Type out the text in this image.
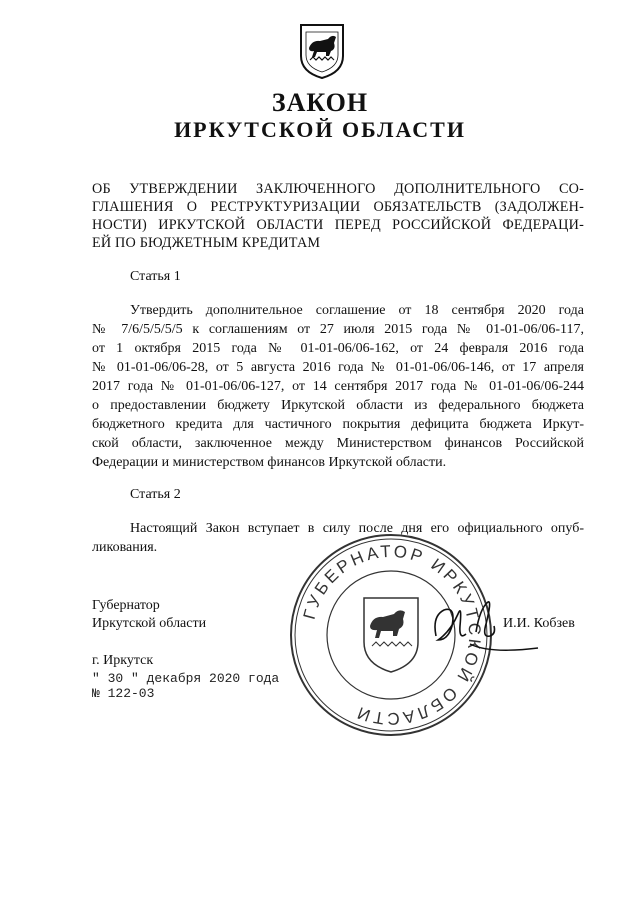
ЗАКОН
ИРКУТСКОЙ ОБЛАСТИ
ОБ УТВЕРЖДЕНИИ ЗАКЛЮЧЕННОГО ДОПОЛНИТЕЛЬНОГО СО-
ГЛАШЕНИЯ О РЕСТРУКТУРИЗАЦИИ ОБЯЗАТЕЛЬСТВ (ЗАДОЛЖЕН-
НОСТИ) ИРКУТСКОЙ ОБЛАСТИ ПЕРЕД РОССИЙСКОЙ ФЕДЕРАЦИ-
ЕЙ ПО БЮДЖЕТНЫМ КРЕДИТАМ
Статья 1
Утвердить дополнительное соглашение от 18 сентября 2020 года
№ 7/6/5/5/5/5 к соглашениям от 27 июля 2015 года № 01-01-06/06-117,
от 1 октября 2015 года № 01-01-06/06-162, от 24 февраля 2016 года
№ 01-01-06/06-28, от 5 августа 2016 года № 01-01-06/06-146, от 17 апреля
2017 года № 01-01-06/06-127, от 14 сентября 2017 года № 01-01-06/06-244
о предоставлении бюджету Иркутской области из федерального бюджета
бюджетного кредита для частичного покрытия дефицита бюджета Иркут-
ской области, заключенное между Министерством финансов Российской
Федерации и министерством финансов Иркутской области.
Статья 2
Настоящий Закон вступает в силу после дня его официального опуб-
ликования.
ГУБЕРНАТОР ИРКУТСКОЙ ОБЛАСТИ
Губернатор
Иркутской области	И.И. Кобзев
г. Иркутск
" 30 " декабря 2020 года
№ 122-03
